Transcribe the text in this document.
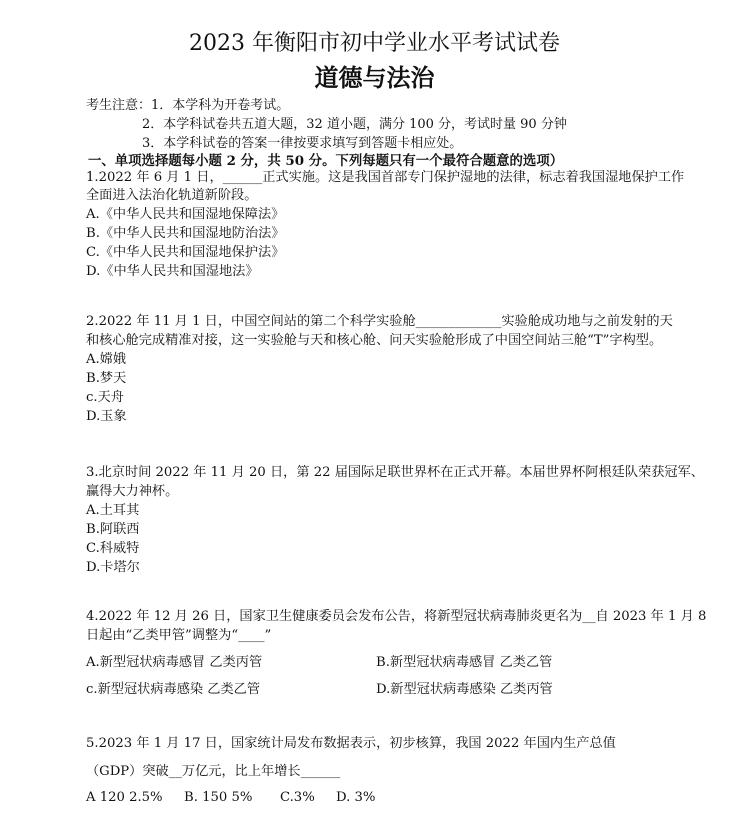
2023 年衡阳市初中学业水平考试试卷
道德与法治
考生注意：1．本学科为开卷考试。
2．本学科试卷共五道大题，32 道小题，满分 100 分，考试时量 90 分钟
3．本学科试卷的答案一律按要求填写到答题卡相应处。
一、单项选择题每小题 2 分，共 50 分。下列每题只有一个最符合题意的选项）
1.2022 年 6 月 1 日，______正式实施。这是我国首部专门保护湿地的法律，标志着我国湿地保护工作
全面进入法治化轨道新阶段。
A.《中华人民共和国湿地保障法》
B.《中华人民共和国湿地防治法》
C.《中华人民共和国湿地保护法》
D.《中华人民共和国湿地法》
2.2022 年 11 月 1 日，中国空间站的第二个科学实验舱_____________实验舱成功地与之前发射的天
和核心舱完成精准对接，这一实验舱与天和核心舱、问天实验舱形成了中国空间站三舱“T”字构型。
A.嫦娥
B.梦天
c.天舟
D.玉象
3.北京时间 2022 年 11 月 20 日，第 22 届国际足联世界杯在正式开幕。本届世界杯阿根廷队荣获冠军、
赢得大力神杯。
A.土耳其
B.阿联西
C.科威特
D.卡塔尔
4.2022 年 12 月 26 日，国家卫生健康委员会发布公告，将新型冠状病毒肺炎更名为__自 2023 年 1 月 8
日起由“乙类甲管”调整为“____”
A.新型冠状病毒感冒 乙类丙管	B.新型冠状病毒感冒 乙类乙管
c.新型冠状病毒感染 乙类乙管	D.新型冠状病毒感染 乙类丙管
5.2023 年 1 月 17 日，国家统计局发布数据表示，初步核算，我国 2022 年国内生产总值
（GDP）突破__万亿元，比上年增长______
A 120 2.5% B. 150 5% C.3% D. 3%
